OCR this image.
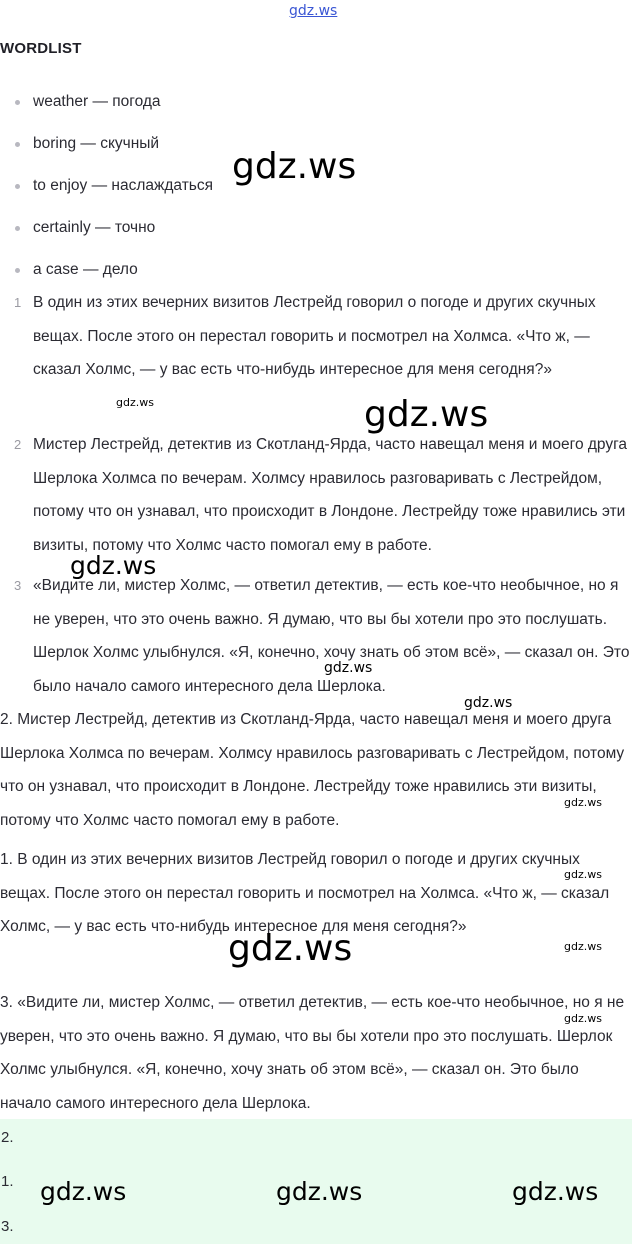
gdz.ws
WORDLIST
weather — погода
boring — скучный
to enjoy — наслаждаться
certainly — точно
a case — дело
1 В один из этих вечерних визитов Лестрейд говорил о погоде и других скучных вещах. После этого он перестал говорить и посмотрел на Холмса. «Что ж, — сказал Холмс, — у вас есть что-нибудь интересное для меня сегодня?»
2 Мистер Лестрейд, детектив из Скотланд-Ярда, часто навещал меня и моего друга Шерлока Холмса по вечерам. Холмсу нравилось разговаривать с Лестрейдом, потому что он узнавал, что происходит в Лондоне. Лестрейду тоже нравились эти визиты, потому что Холмс часто помогал ему в работе.
3 «Видите ли, мистер Холмс, — ответил детектив, — есть кое-что необычное, но я не уверен, что это очень важно. Я думаю, что вы бы хотели про это послушать. Шерлок Холмс улыбнулся. «Я, конечно, хочу знать об этом всё», — сказал он. Это было начало самого интересного дела Шерлока.
2. Мистер Лестрейд, детектив из Скотланд-Ярда, часто навещал меня и моего друга Шерлока Холмса по вечерам. Холмсу нравилось разговаривать с Лестрейдом, потому что он узнавал, что происходит в Лондоне. Лестрейду тоже нравились эти визиты, потому что Холмс часто помогал ему в работе.
1. В один из этих вечерних визитов Лестрейд говорил о погоде и других скучных вещах. После этого он перестал говорить и посмотрел на Холмса. «Что ж, — сказал Холмс, — у вас есть что-нибудь интересное для меня сегодня?»
3. «Видите ли, мистер Холмс, — ответил детектив, — есть кое-что необычное, но я не уверен, что это очень важно. Я думаю, что вы бы хотели про это послушать. Шерлок Холмс улыбнулся. «Я, конечно, хочу знать об этом всё», — сказал он. Это было начало самого интересного дела Шерлока.
2.
1.
3.
gdz.ws
gdz.ws	gdz.ws
gdz.ws
gdz.ws
gdz.ws
gdz.ws
gdz.ws
gdz.ws	gdz.ws
gdz.ws
gdz.ws	gdz.ws	gdz.ws
